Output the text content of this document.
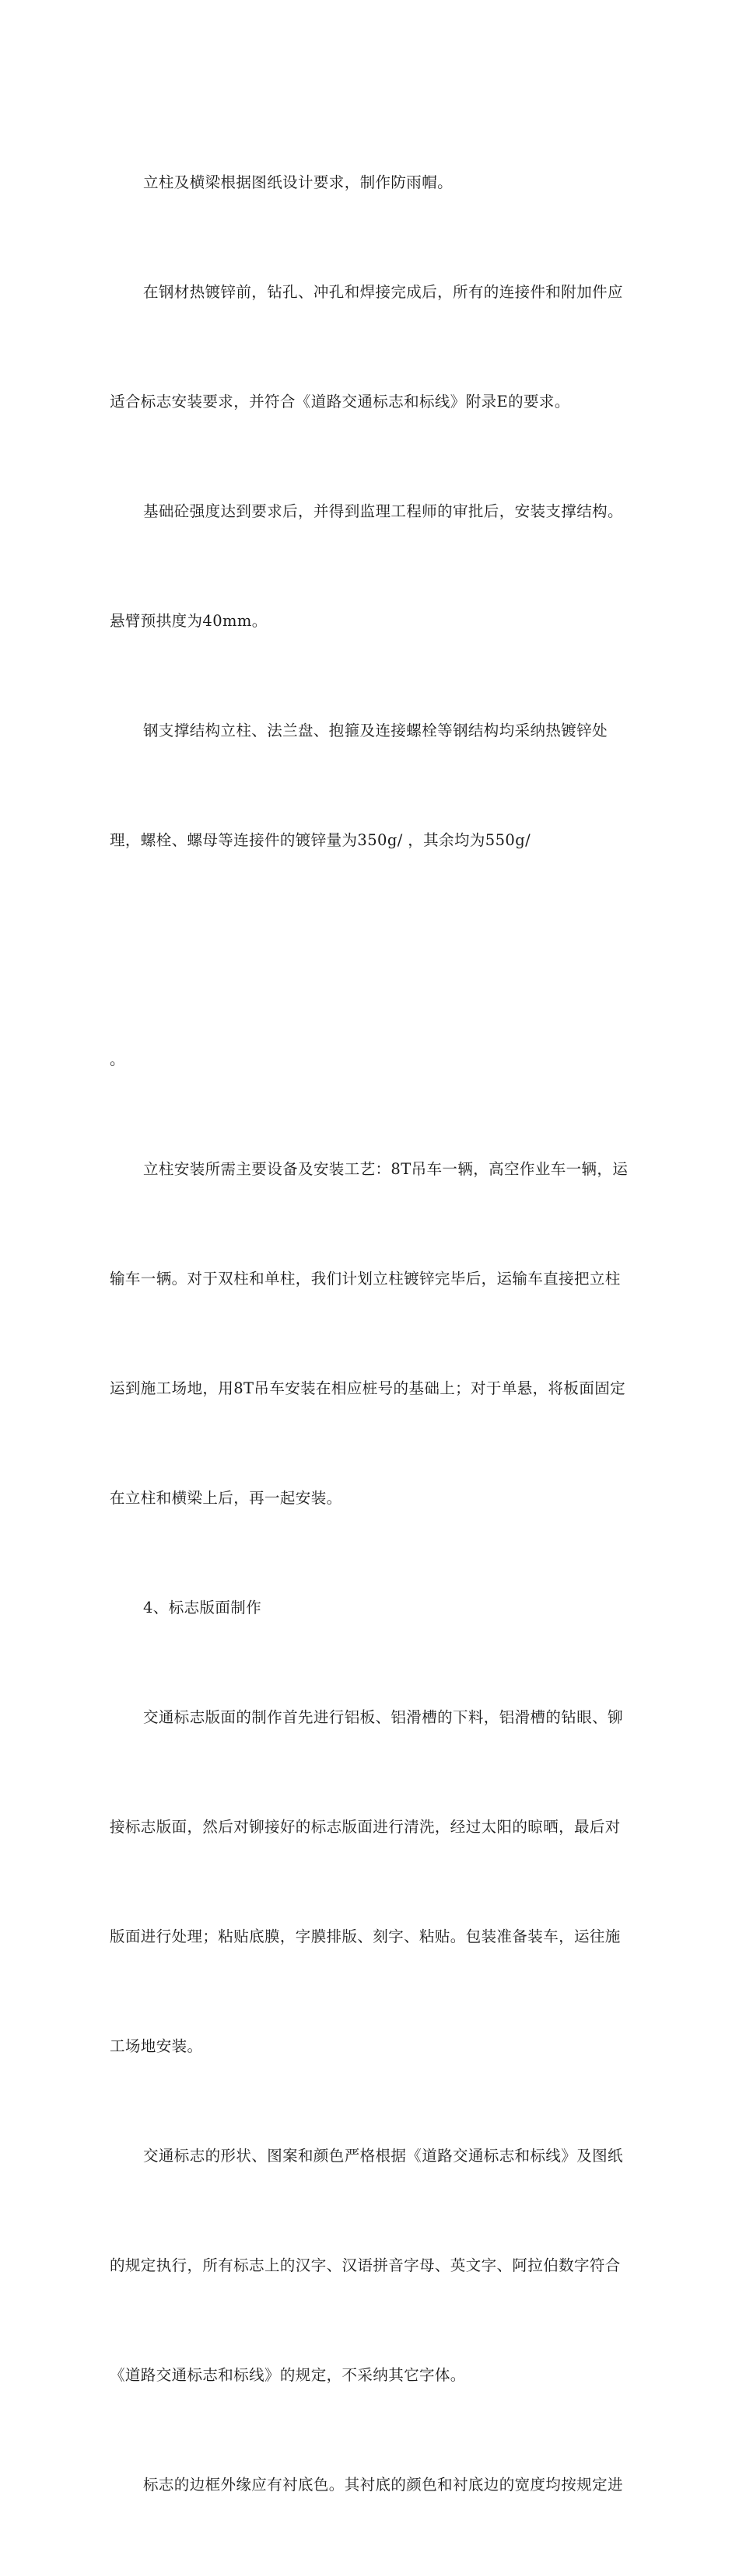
立柱及横梁根据图纸设计要求，制作防雨帽。

在钢材热镀锌前，钻孔、冲孔和焊接完成后，所有的连接件和附加件应

适合标志安装要求，并符合《道路交通标志和标线》附录E的要求。

基础砼强度达到要求后，并得到监理工程师的审批后，安装支撑结构。

悬臂预拱度为40mm。

钢支撑结构立柱、法兰盘、抱箍及连接螺栓等钢结构均采纳热镀锌处

理，螺栓、螺母等连接件的镀锌量为350g/ ，其余均为550g/

。

立柱安装所需主要设备及安装工艺：8T吊车一辆，高空作业车一辆，运

输车一辆。对于双柱和单柱，我们计划立柱镀锌完毕后，运输车直接把立柱

运到施工场地，用8T吊车安装在相应桩号的基础上；对于单悬，将板面固定

在立柱和横梁上后，再一起安装。

4、标志版面制作

交通标志版面的制作首先进行铝板、铝滑槽的下料，铝滑槽的钻眼、铆

接标志版面，然后对铆接好的标志版面进行清洗，经过太阳的晾晒，最后对

版面进行处理；粘贴底膜，字膜排版、刻字、粘贴。包装准备装车，运往施

工场地安装。

交通标志的形状、图案和颜色严格根据《道路交通标志和标线》及图纸

的规定执行，所有标志上的汉字、汉语拼音字母、英文字、阿拉伯数字符合

《道路交通标志和标线》的规定，不采纳其它字体。

标志的边框外缘应有衬底色。其衬底的颜色和衬底边的宽度均按规定进
